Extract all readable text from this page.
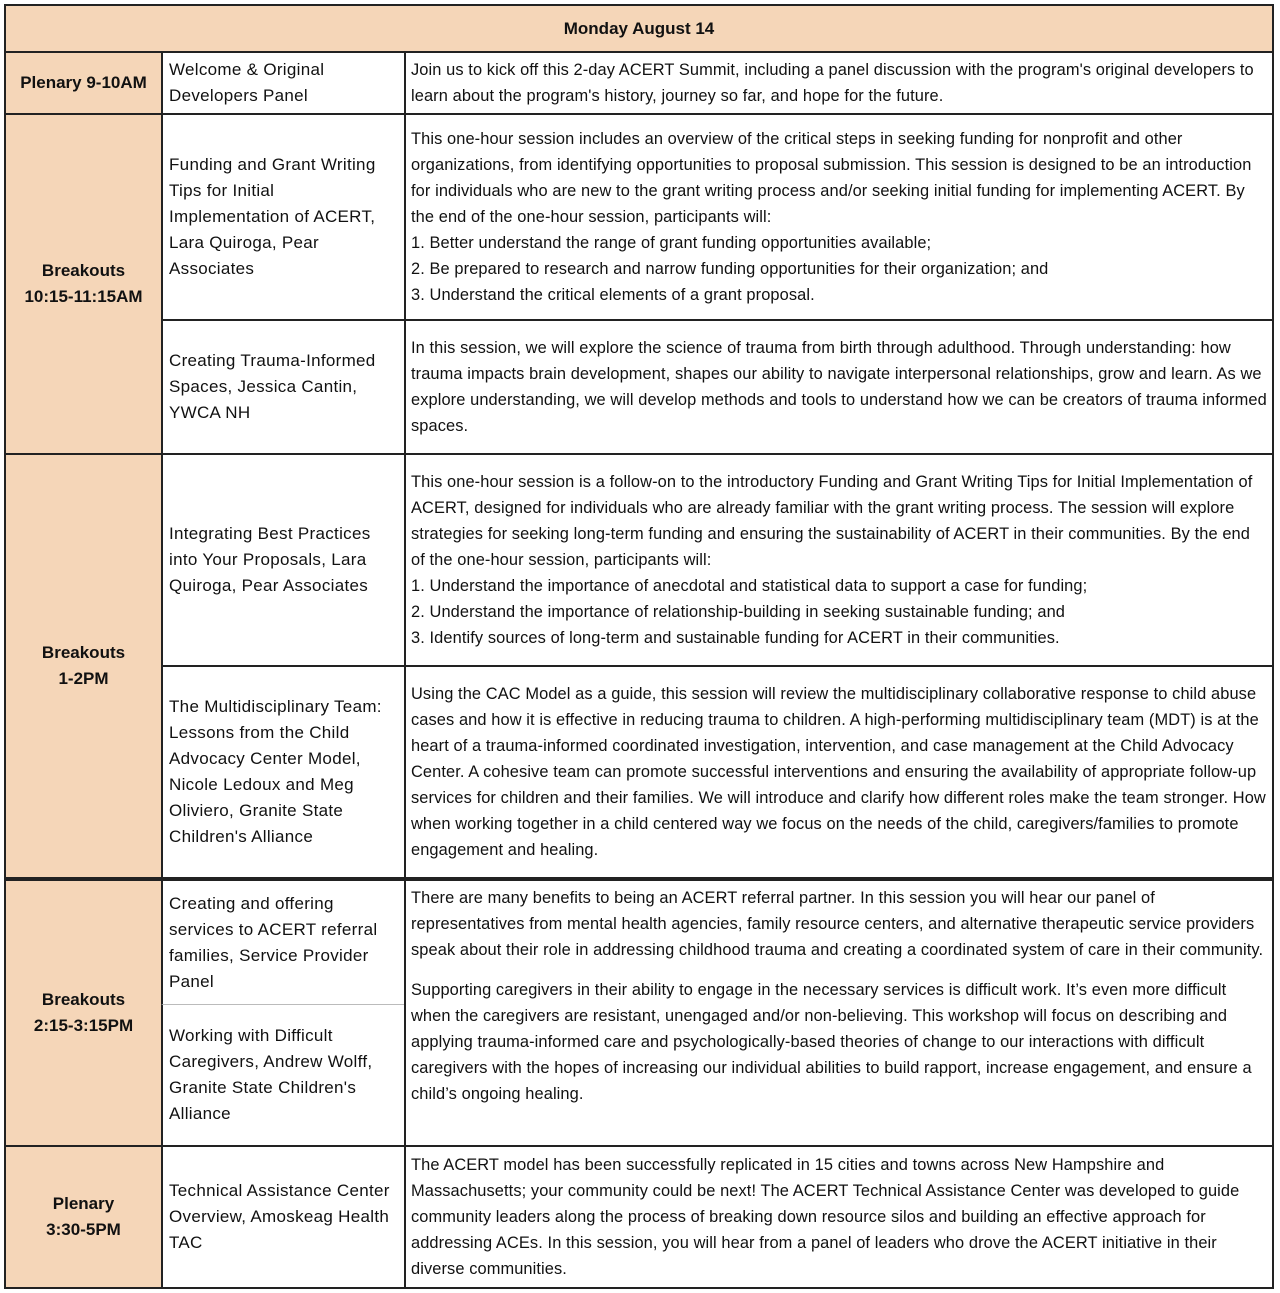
Monday August 14
Plenary 9-10AM
Welcome & Original Developers Panel

Join us to kick off this 2-day ACERT Summit, including a panel discussion with the program's original developers to learn about the program's history, journey so far, and hope for the future.

Breakouts
10:15-11:15AM
Funding and Grant Writing Tips for Initial Implementation of ACERT, Lara Quiroga, Pear Associates

This one-hour session includes an overview of the critical steps in seeking funding for nonprofit and other organizations, from identifying opportunities to proposal submission. This session is designed to be an introduction for individuals who are new to the grant writing process and/or seeking initial funding for implementing ACERT. By the end of the one-hour session, participants will:

1. Better understand the range of grant funding opportunities available;

2. Be prepared to research and narrow funding opportunities for their organization; and

3. Understand the critical elements of a grant proposal.

Creating Trauma-Informed Spaces, Jessica Cantin, YWCA NH

In this session, we will explore the science of trauma from birth through adulthood. Through understanding: how trauma impacts brain development, shapes our ability to navigate interpersonal relationships, grow and learn. As we explore understanding, we will develop methods and tools to understand how we can be creators of trauma informed spaces.

Breakouts
1-2PM
Integrating Best Practices into Your Proposals, Lara Quiroga, Pear Associates

This one-hour session is a follow-on to the introductory Funding and Grant Writing Tips for Initial Implementation of ACERT, designed for individuals who are already familiar with the grant writing process. The session will explore strategies for seeking long-term funding and ensuring the sustainability of ACERT in their communities. By the end of the one-hour session, participants will:

1. Understand the importance of anecdotal and statistical data to support a case for funding;

2. Understand the importance of relationship-building in seeking sustainable funding; and

3. Identify sources of long-term and sustainable funding for ACERT in their communities.

The Multidisciplinary Team: Lessons from the Child Advocacy Center Model, Nicole Ledoux and Meg Oliviero, Granite State Children's Alliance

Using the CAC Model as a guide, this session will review the multidisciplinary collaborative response to child abuse cases and how it is effective in reducing trauma to children. A high-performing multidisciplinary team (MDT) is at the heart of a trauma-informed coordinated investigation, intervention, and case management at the Child Advocacy Center. A cohesive team can promote successful interventions and ensuring the availability of appropriate follow-up services for children and their families. We will introduce and clarify how different roles make the team stronger. How when working together in a child centered way we focus on the needs of the child, caregivers/families to promote engagement and healing.

Breakouts
2:15-3:15PM
Creating and offering services to ACERT referral families, Service Provider Panel
Working with Difficult Caregivers, Andrew Wolff, Granite State Children's Alliance

There are many benefits to being an ACERT referral partner. In this session you will hear our panel of representatives from mental health agencies, family resource centers, and alternative therapeutic service providers speak about their role in addressing childhood trauma and creating a coordinated system of care in their community.

Supporting caregivers in their ability to engage in the necessary services is difficult work. It’s even more difficult when the caregivers are resistant, unengaged and/or non-believing. This workshop will focus on describing and applying trauma-informed care and psychologically-based theories of change to our interactions with difficult caregivers with the hopes of increasing our individual abilities to build rapport, increase engagement, and ensure a child’s ongoing healing.

Plenary
3:30-5PM
Technical Assistance Center Overview, Amoskeag Health TAC

The ACERT model has been successfully replicated in 15 cities and towns across New Hampshire and Massachusetts; your community could be next! The ACERT Technical Assistance Center was developed to guide community leaders along the process of breaking down resource silos and building an effective approach for addressing ACEs. In this session, you will hear from a panel of leaders who drove the ACERT initiative in their diverse communities.
